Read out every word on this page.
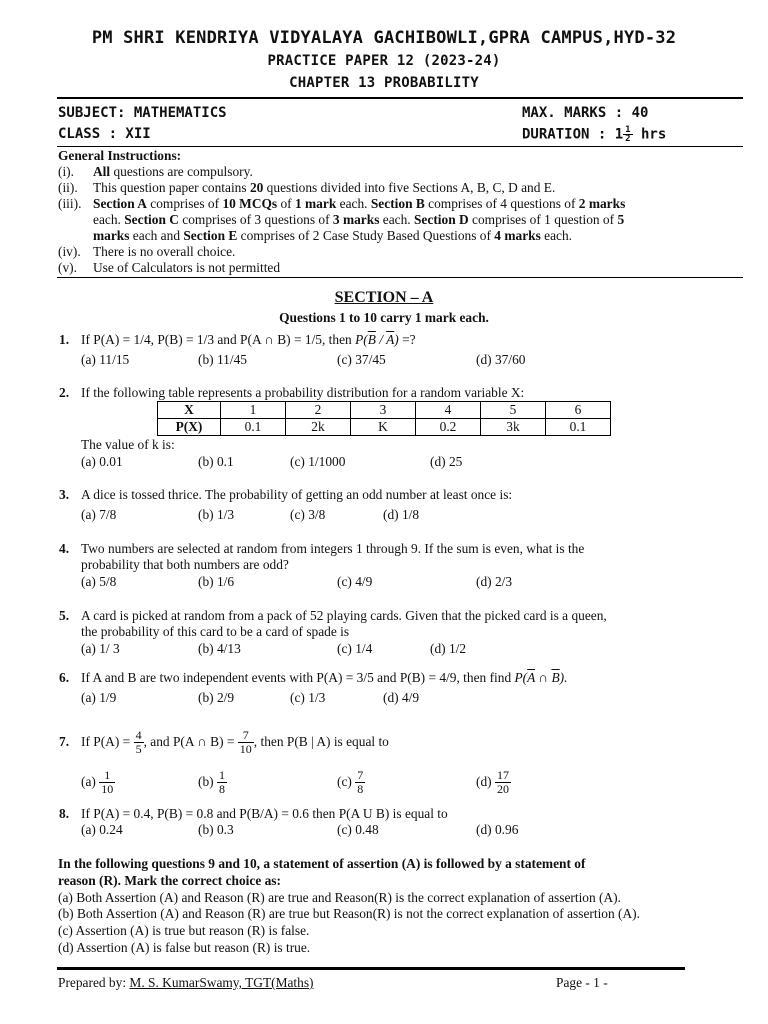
PM SHRI KENDRIYA VIDYALAYA GACHIBOWLI,GPRA CAMPUS,HYD-32
PRACTICE PAPER 12 (2023-24)
CHAPTER 13 PROBABILITY
SUBJECT: MATHEMATICS	MAX. MARKS : 40
CLASS : XII	DURATION : $1 \frac{1}{2}$ hrs
General Instructions:
(i). All questions are compulsory.
(ii). This question paper contains 20 questions divided into five Sections A, B, C, D and E.
(iii). Section A comprises of 10 MCQs of 1 mark each. Section B comprises of 4 questions of 2 marks
each. Section C comprises of 3 questions of 3 marks each. Section D comprises of 1 question of 5
marks each and Section E comprises of 2 Case Study Based Questions of 4 marks each.
(iv). There is no overall choice.
(v). Use of Calculators is not permitted
SECTION – A
Questions 1 to 10 carry 1 mark each.
1. If P(A) = 1/4, P(B) = 1/3 and P(A ∩ B) = 1/5, then $P(\overline{B} / \overline{A})$ =?
(a) 11/15	(b) 11/45	(c) 37/45	(d) 37/60
2. If the following table represents a probability distribution for a random variable X:
X	1	2	3	4	5	6
P(X)	0.1	2k	K	0.2	3k	0.1
The value of k is:
(a) 0.01	(b) 0.1	(c) 1/1000	(d) 25
3. A dice is tossed thrice. The probability of getting an odd number at least once is:
(a) 7/8	(b) 1/3	(c) 3/8	(d) 1/8
4. Two numbers are selected at random from integers 1 through 9. If the sum is even, what is the
probability that both numbers are odd?
(a) 5/8	(b) 1/6	(c) 4/9	(d) 2/3
5. A card is picked at random from a pack of 52 playing cards. Given that the picked card is a queen,
the probability of this card to be a card of spade is
(a) 1/ 3	(b) 4/13	(c) 1/4	(d) 1/2
6. If A and B are two independent events with P(A) = 3/5 and P(B) = 4/9, then find $P(\overline{A}$ ∩ $\overline{B}$).
(a) 1/9	(b) 2/9	(c) 1/3	(d) 4/9
7. If $P(A) = \frac{4}{5}$ , and P(A ∩ $B) = \frac{7}{10}$ , then P(B | A) is equal to
$(a) \frac{1}{10}$	$(b) \frac{1}{8}$	$(c) \frac{7}{8}$	$(d) \frac{17}{20}$
8. If P(A) = 0.4, P(B) = 0.8 and P(B/A) = 0.6 then P(A U B) is equal to
(a) 0.24	(b) 0.3	(c) 0.48	(d) 0.96
In the following questions 9 and 10, a statement of assertion (A) is followed by a statement of
reason (R). Mark the correct choice as:
(a) Both Assertion (A) and Reason (R) are true and Reason(R) is the correct explanation of assertion (A).
(b) Both Assertion (A) and Reason (R) are true but Reason(R) is not the correct explanation of assertion (A).
(c) Assertion (A) is true but reason (R) is false.
(d) Assertion (A) is false but reason (R) is true.
Prepared by: M. S. KumarSwamy, TGT(Maths)	Page - 1 -
